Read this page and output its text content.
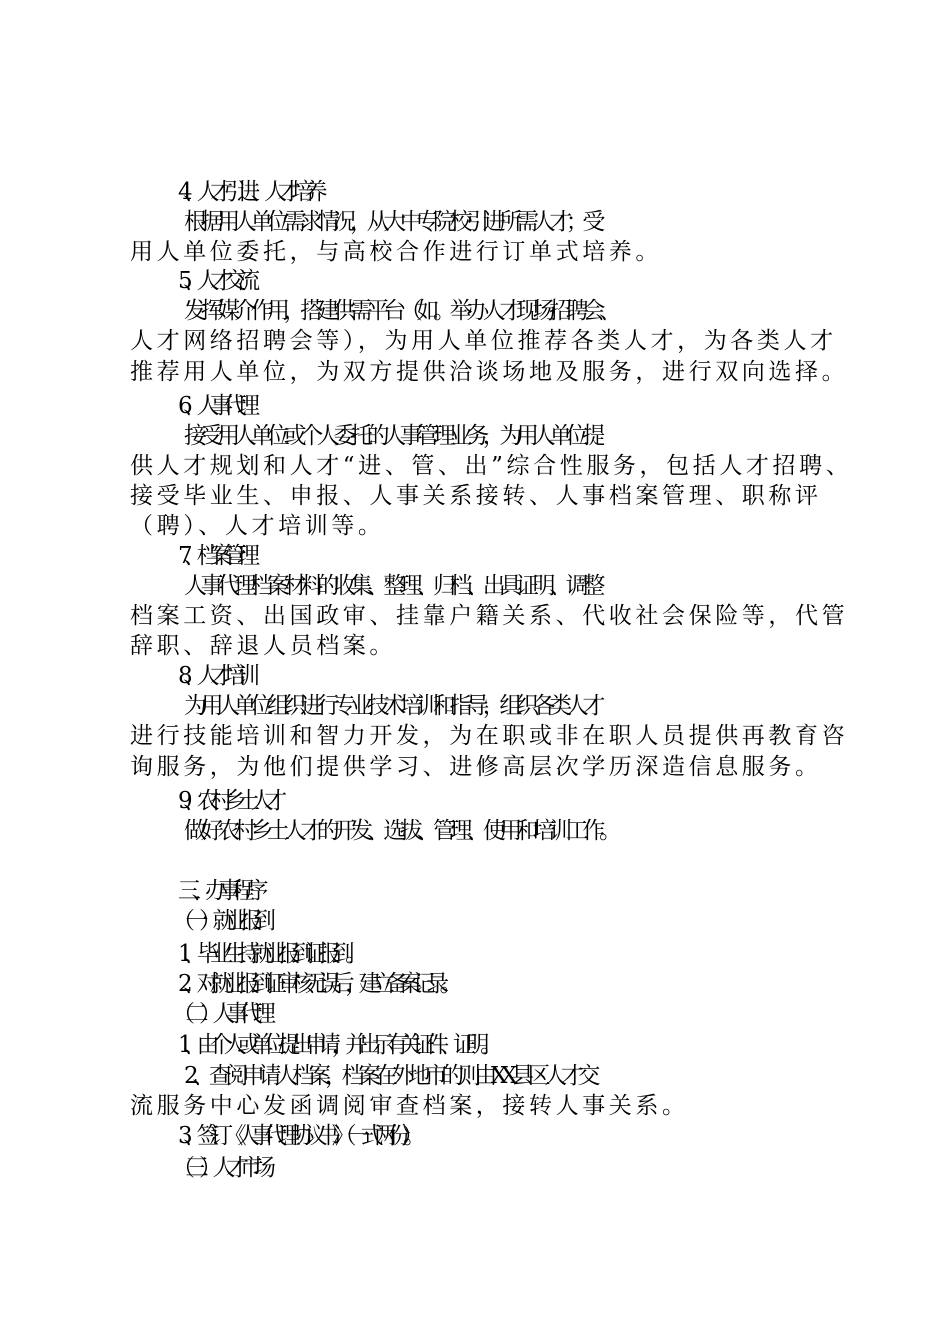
4、人才引进、人才培养
根据用人单位需求情况，从大中专院校引进所需人才；受
用人单位委托，与高校合作进行订单式培养。
5、人才交流
发挥媒介作用，搭建供需平台（如。举办人才现场招聘会、
人才网络招聘会等），为用人单位推荐各类人才，为各类人才
推荐用人单位，为双方提供洽谈场地及服务，进行双向选择。
6、人事代理
接受用人单位或个人委托的人事管理业务，为用人单位提
供人才规划和人才“进、管、出”综合性服务，包括人才招聘、
接受毕业生、申报、人事关系接转、人事档案管理、职称评
（聘）、人才培训等。
7、档案管理
人事代理档案材料的收集、整理、归档、出具证明、调整
档案工资、出国政审、挂靠户籍关系、代收社会保险等，代管
辞职、辞退人员档案。
8、人才培训
为用人单位组织进行专业技术培训和指导，组织各类人才
进行技能培训和智力开发，为在职或非在职人员提供再教育咨
询服务，为他们提供学习、进修高层次学历深造信息服务。
9、农村乡土人才
做好农村乡土人才的开发、选拔、管理、使用和培训工作。
三、办事程序
（一）就业报到
1、毕业生持就业报到证报到。
2、对就业报到证审核无误后，建立备案记录。
（二）人事代理
1、由个人或单位提出申请，并出示有关证件、证明。
2、查阅申请人档案，档案在外地市的则由XX县区人才交
流服务中心发函调阅审查档案，接转人事关系。
3、签订《人事代理协议书》（一式两份）。
（三）人才市场
